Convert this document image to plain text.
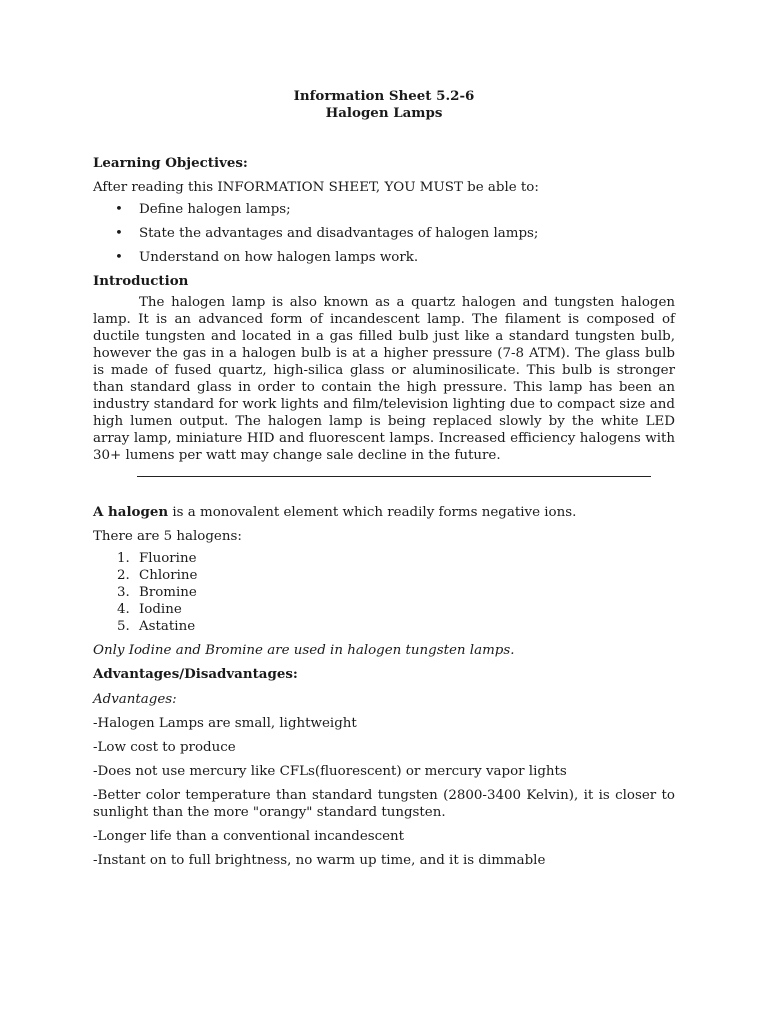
Information Sheet 5.2-6
Halogen Lamps

Learning Objectives:

After reading this INFORMATION SHEET, YOU MUST be able to:

• Define halogen lamps;
• State the advantages and disadvantages of halogen lamps;
• Understand on how halogen lamps work.

Introduction

The halogen lamp is also known as a quartz halogen and tungsten halogen lamp. It is an advanced form of incandescent lamp. The filament is composed of ductile tungsten and located in a gas filled bulb just like a standard tungsten bulb, however the gas in a halogen bulb is at a higher pressure (7-8 ATM). The glass bulb is made of fused quartz, high-silica glass or aluminosilicate. This bulb is stronger than standard glass in order to contain the high pressure. This lamp has been an industry standard for work lights and film/television lighting due to compact size and high lumen output. The halogen lamp is being replaced slowly by the white LED array lamp, miniature HID and fluorescent lamps. Increased efficiency halogens with 30+ lumens per watt may change sale decline in the future.

A halogen is a monovalent element which readily forms negative ions.

There are 5 halogens:

1. Fluorine
2. Chlorine
3. Bromine
4. Iodine
5. Astatine

Only Iodine and Bromine are used in halogen tungsten lamps.

Advantages/Disadvantages:

Advantages:

-Halogen Lamps are small, lightweight

-Low cost to produce

-Does not use mercury like CFLs(fluorescent) or mercury vapor lights

-Better color temperature than standard tungsten (2800-3400 Kelvin), it is closer to sunlight than the more "orangy" standard tungsten.

-Longer life than a conventional incandescent

-Instant on to full brightness, no warm up time, and it is dimmable
